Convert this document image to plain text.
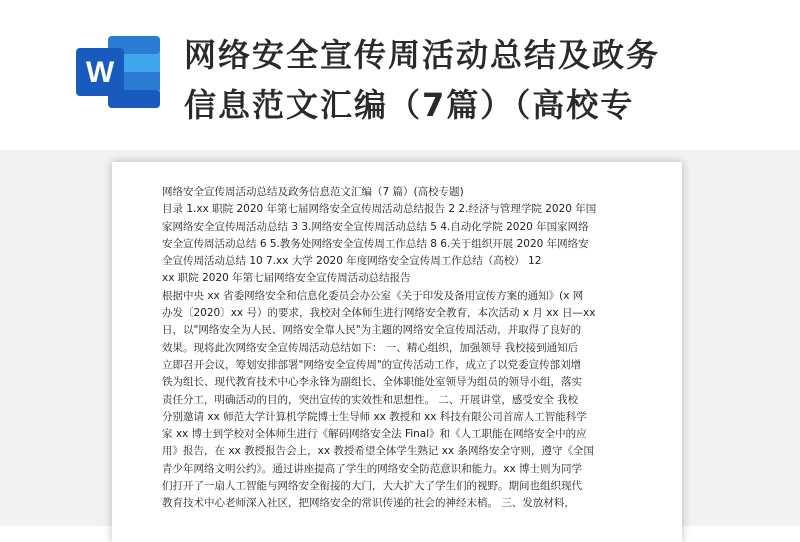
W 网络安全宣传周活动总结及政务
信息范文汇编（7篇）（高校专
网络安全宣传周活动总结及政务信息范文汇编（7 篇）(高校专题)
目录 1.xx 职院 2020 年第七届网络安全宣传周活动总结报告 2 2.经济与管理学院 2020 年国
家网络安全宣传周活动总结 3 3.网络安全宣传周活动总结 5 4.自动化学院 2020 年国家网络
安全宣传周活动总结 6 5.教务处网络安全宣传周工作总结 8 6.关于组织开展 2020 年网络安
全宣传周活动总结 10 7.xx 大学 2020 年度网络安全宣传周工作总结（高校） 12
xx 职院 2020 年第七届网络安全宣传周活动总结报告
根据中央 xx 省委网络安全和信息化委员会办公室《关于印发及备用宣传方案的通知》(x 网
办发〔2020〕xx 号）的要求，我校对全体师生进行网络安全教育，本次活动 x 月 xx 日—xx
日，以"网络安全为人民、网络安全靠人民"为主题的网络安全宣传周活动，并取得了良好的
效果。现将此次网络安全宣传周活动总结如下： 一、精心组织，加强领导 我校接到通知后
立即召开会议，筹划安排部署"网络安全宣传周"的宣传活动工作，成立了以党委宣传部刘增
铁为组长、现代教育技术中心李永锋为副组长、全体职能处室领导为组员的领导小组，落实
责任分工，明确活动的目的，突出宣传的实效性和思想性。 二、开展讲堂，感受安全 我校
分别邀请 xx 师范大学计算机学院博士生导师 xx 教授和 xx 科技有限公司首席人工智能科学
家 xx 博士到学校对全体师生进行《解码网络安全法 Final》和《人工职能在网络安全中的应
用》报告，在 xx 教授报告会上，xx 教授希望全体学生熟记 xx 条网络安全守则，遵守《全国
青少年网络文明公约》。通过讲座提高了学生的网络安全防范意识和能力。xx 博士则为同学
们打开了一扇人工智能与网络安全衔接的大门，大大扩大了学生们的视野。期间也组织现代
教育技术中心老师深入社区，把网络安全的常识传递的社会的神经末梢。 三、发放材料，
